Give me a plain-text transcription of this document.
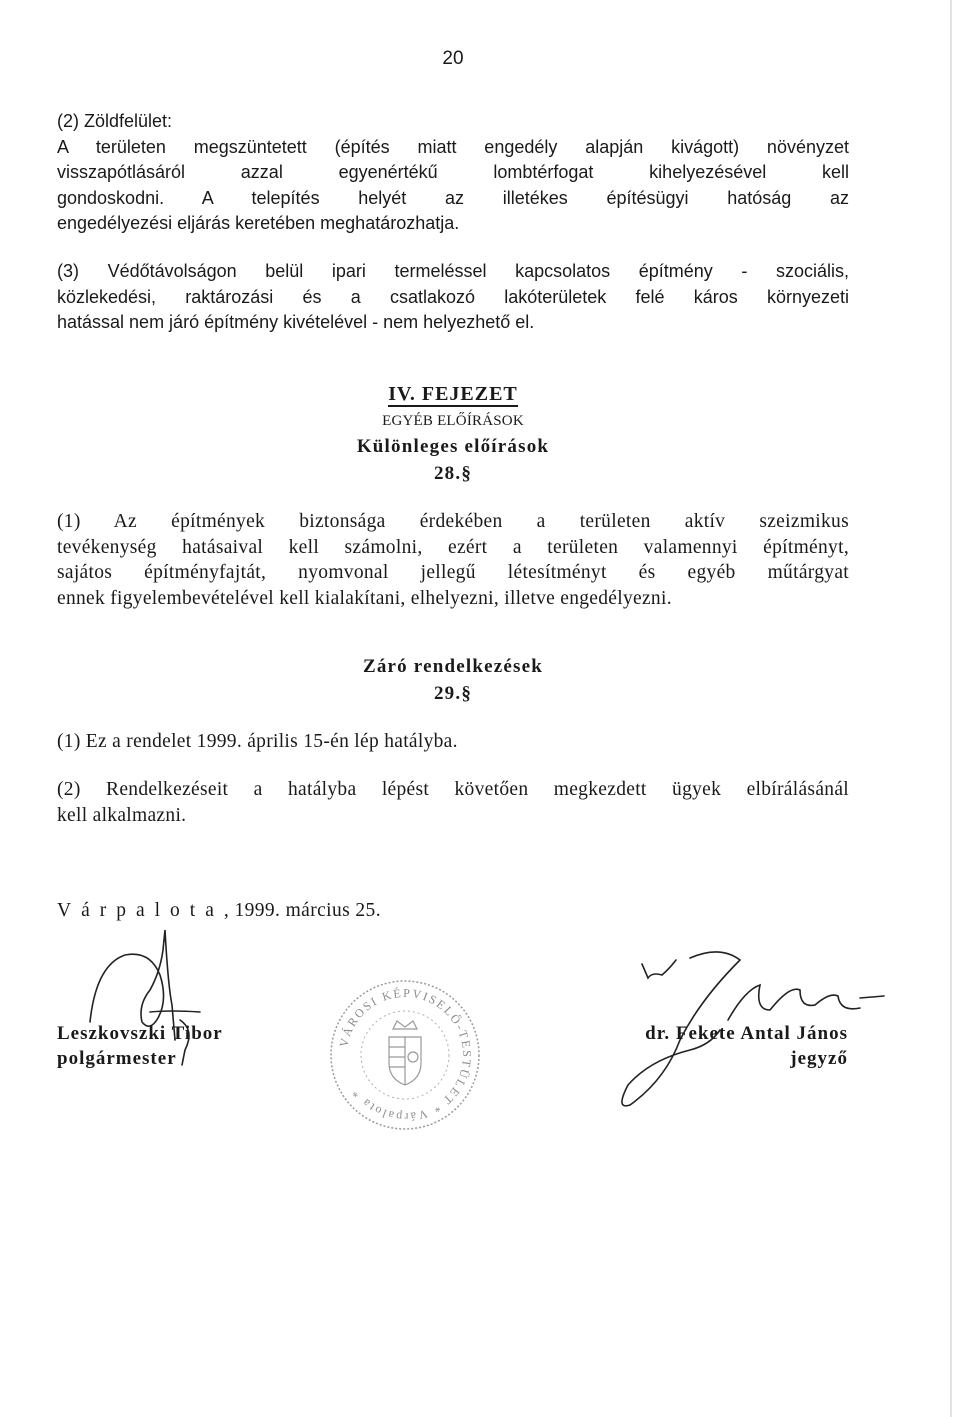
20
(2) Zöldfelület:
A területen megszüntetett (építés miatt engedély alapján kivágott) növényzet
visszapótlásáról azzal egyenértékű lombtérfogat kihelyezésével kell
gondoskodni. A telepítés helyét az illetékes építésügyi hatóság az
engedélyezési eljárás keretében meghatározhatja.
(3) Védőtávolságon belül ipari termeléssel kapcsolatos építmény - szociális,
közlekedési, raktározási és a csatlakozó lakóterületek felé káros környezeti
hatással nem járó építmény kivételével - nem helyezhető el.
IV. FEJEZET
EGYÉB ELŐÍRÁSOK
Különleges előírások
28.§
(1) Az építmények biztonsága érdekében a területen aktív szeizmikus
tevékenység hatásaival kell számolni, ezért a területen valamennyi építményt,
sajátos építményfajtát, nyomvonal jellegű létesítményt és egyéb műtárgyat
ennek figyelembevételével kell kialakítani, elhelyezni, illetve engedélyezni.
Záró rendelkezések
29.§
(1) Ez a rendelet 1999. április 15-én lép hatályba.
(2) Rendelkezéseit a hatályba lépést követően megkezdett ügyek elbírálásánál
kell alkalmazni.
Várpalota, 1999. március 25.
Leszkovszki Tibor
polgármester
dr. Fekete Antal János
jegyző
VÁROSI KÉPVISELŐ-TESTÜLET * Várpalota *
